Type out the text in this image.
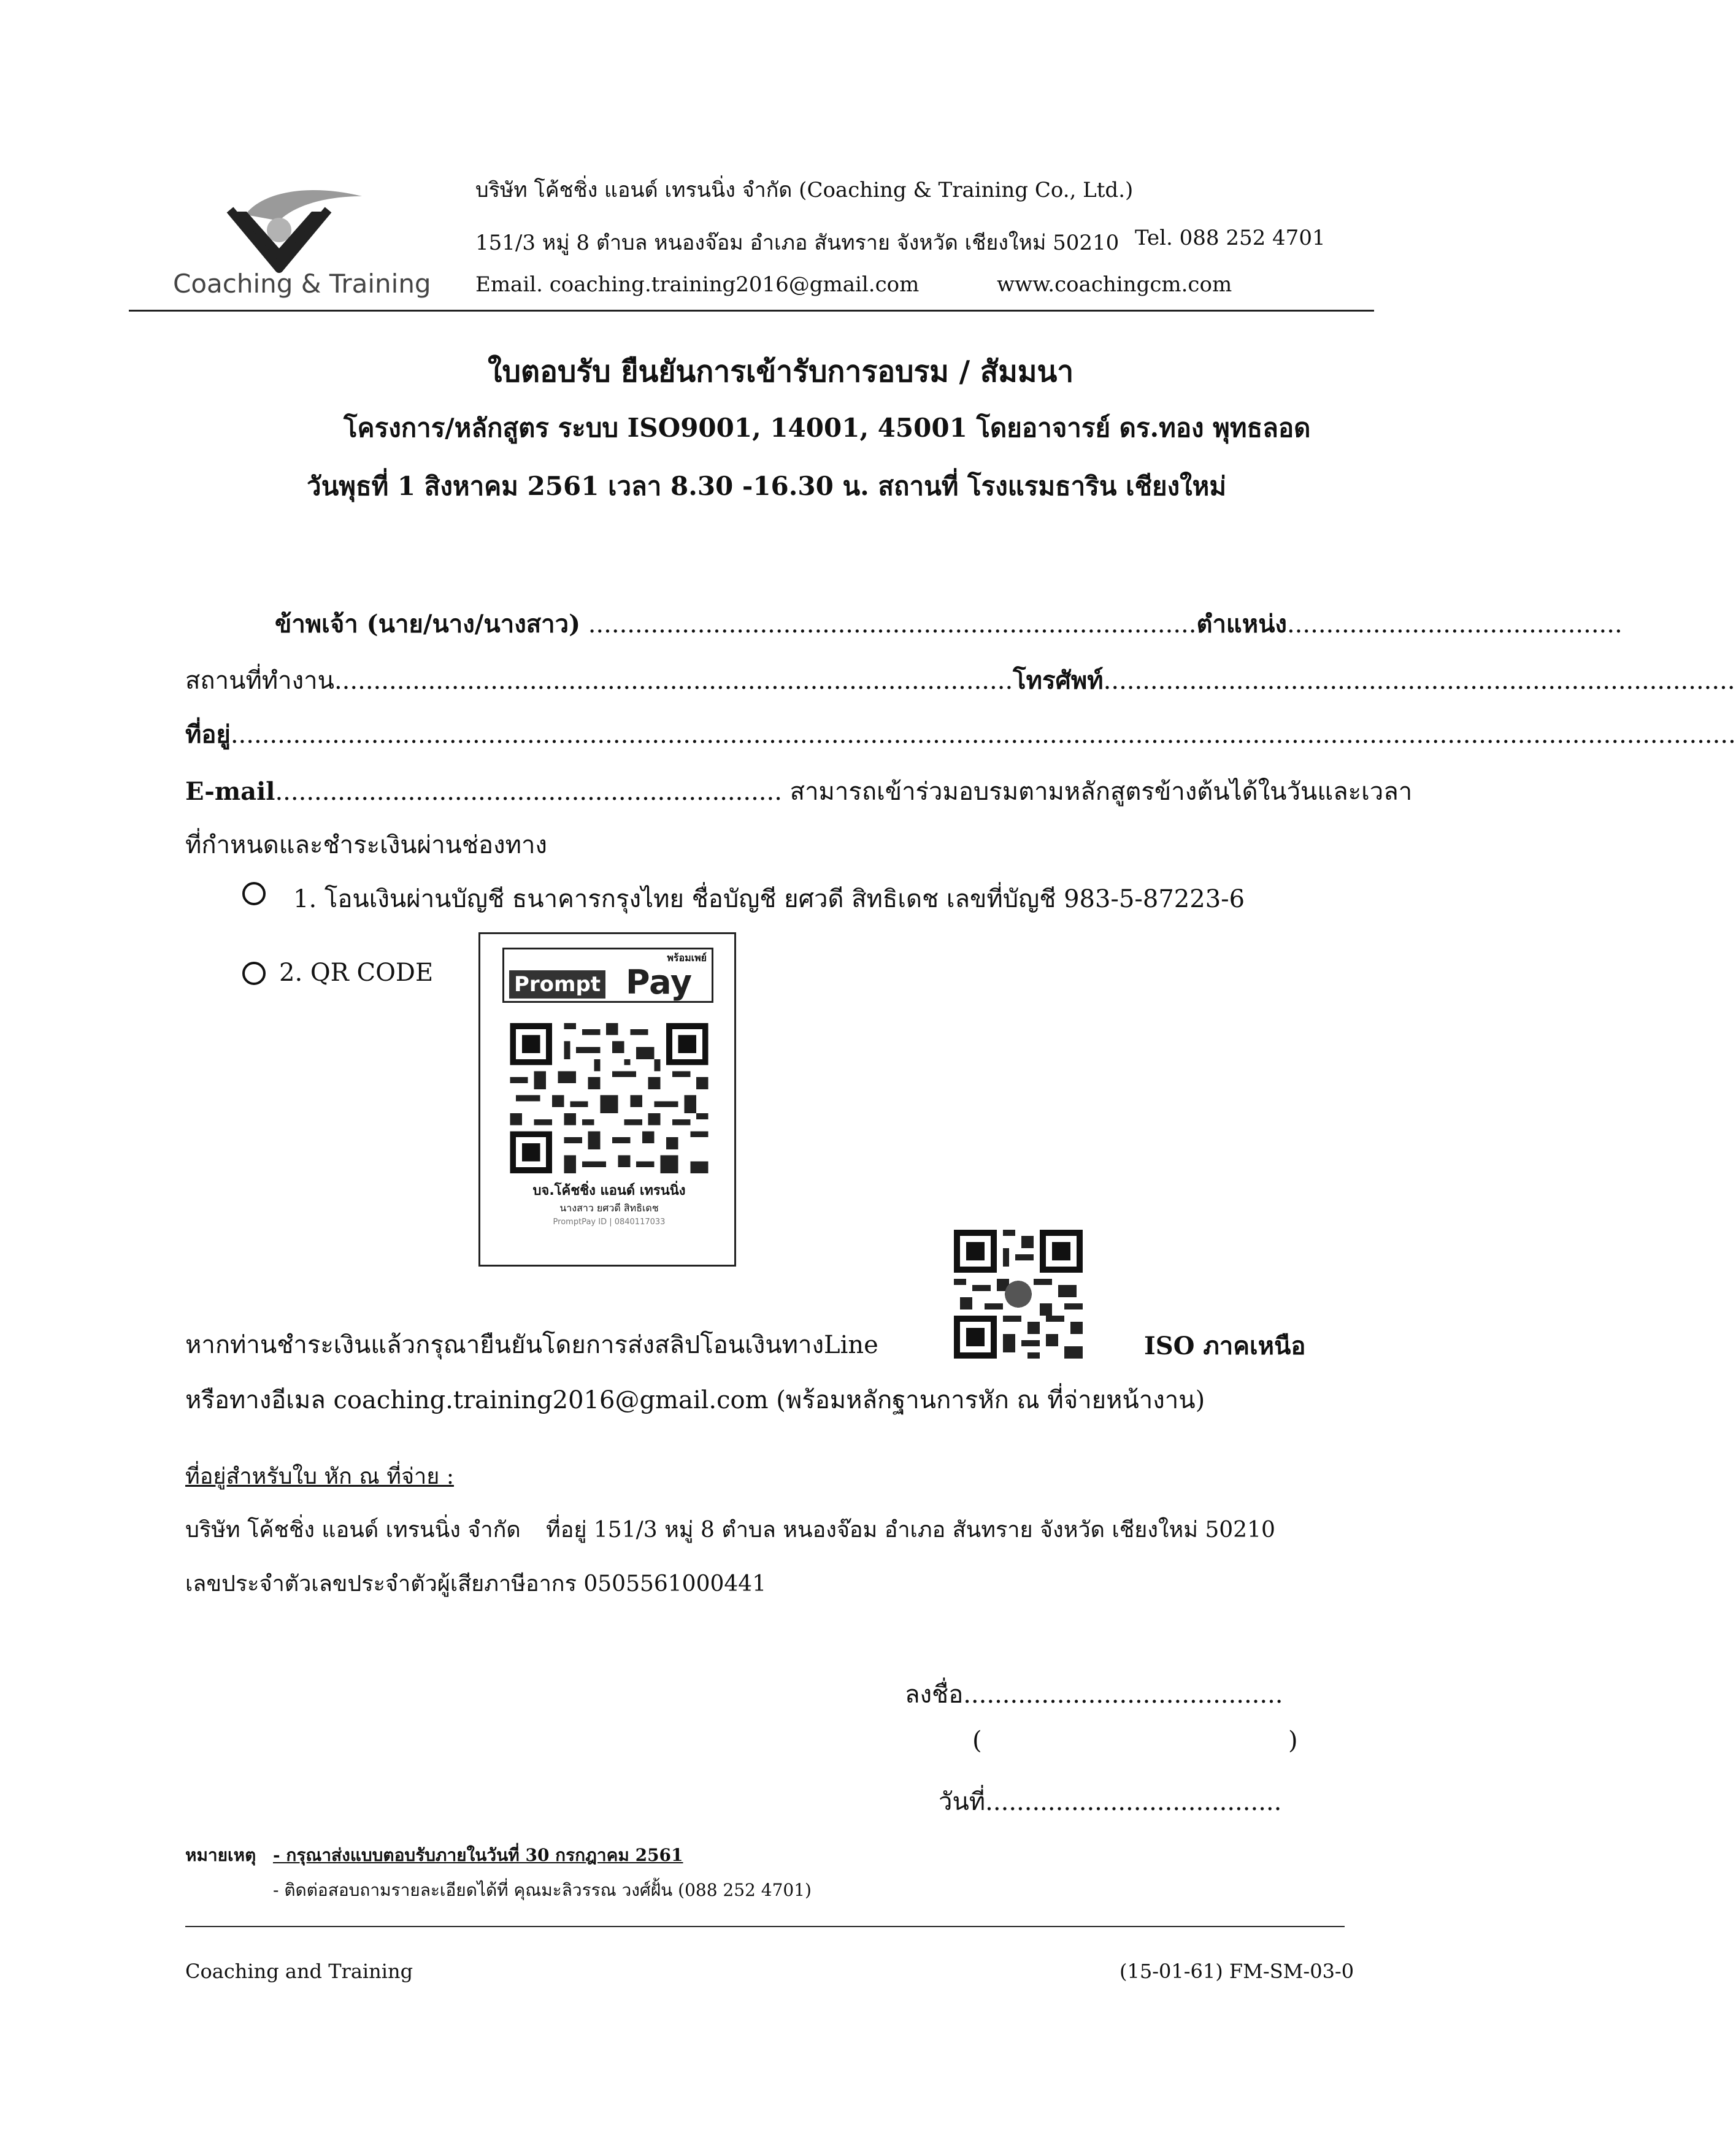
Coaching & Training
บริษัท โค้ชชิ่ง แอนด์ เทรนนิ่ง จำกัด (Coaching & Training Co., Ltd.)
151/3 หมู่ 8 ตำบล หนองจ๊อม อำเภอ สันทราย จังหวัด เชียงใหม่ 50210 Tel. 088 252 4701
Email. coaching.training2016@gmail.com	www.coachingcm.com
ใบตอบรับ ยืนยันการเข้ารับการอบรม / สัมมนา
โครงการ/หลักสูตร ระบบ ISO9001, 14001, 45001 โดยอาจารย์ ดร.ทอง พุทธลอด
วันพุธที่ 1 สิงหาคม 2561 เวลา 8.30 -16.30 น. สถานที่ โรงแรมธาริน เชียงใหม่
ข้าพเจ้า (นาย/นาง/นางสาว) ..............................................................................ตำแหน่ง...........................................
สถานที่ทำงาน.......................................................................................โทรศัพท์.................................................................................
ที่อยู่.................................................................................................................................................................................................
E-mail................................................................. สามารถเข้าร่วมอบรมตามหลักสูตรข้างต้นได้ในวันและเวลา
ที่กำหนดและชำระเงินผ่านช่องทาง
1. โอนเงินผ่านบัญชี ธนาคารกรุงไทย ชื่อบัญชี ยศวดี สิทธิเดช เลขที่บัญชี 983-5-87223-6
2. QR CODE
พร้อมเพย์
Prompt Pay
บจ.โค้ชชิ่ง แอนด์ เทรนนิ่ง
นางสาว ยศวดี สิทธิเดช
PromptPay ID | 0840117033
หากท่านชำระเงินแล้วกรุณายืนยันโดยการส่งสลิปโอนเงินทางLine	ISO ภาคเหนือ
หรือทางอีเมล coaching.training2016@gmail.com (พร้อมหลักฐานการหัก ณ ที่จ่ายหน้างาน)
ที่อยู่สำหรับใบ หัก ณ ที่จ่าย :
บริษัท โค้ชชิ่ง แอนด์ เทรนนิ่ง จำกัด ที่อยู่ 151/3 หมู่ 8 ตำบล หนองจ๊อม อำเภอ สันทราย จังหวัด เชียงใหม่ 50210
เลขประจำตัวเลขประจำตัวผู้เสียภาษีอากร 0505561000441
ลงชื่อ.........................................
(	)
วันที่......................................
หมายเหตุ - กรุณาส่งแบบตอบรับภายในวันที่ 30 กรกฎาคม 2561
- ติดต่อสอบถามรายละเอียดได้ที่ คุณมะลิวรรณ วงศ์ฝั้น (088 252 4701)
Coaching and Training	(15-01-61) FM-SM-03-0
